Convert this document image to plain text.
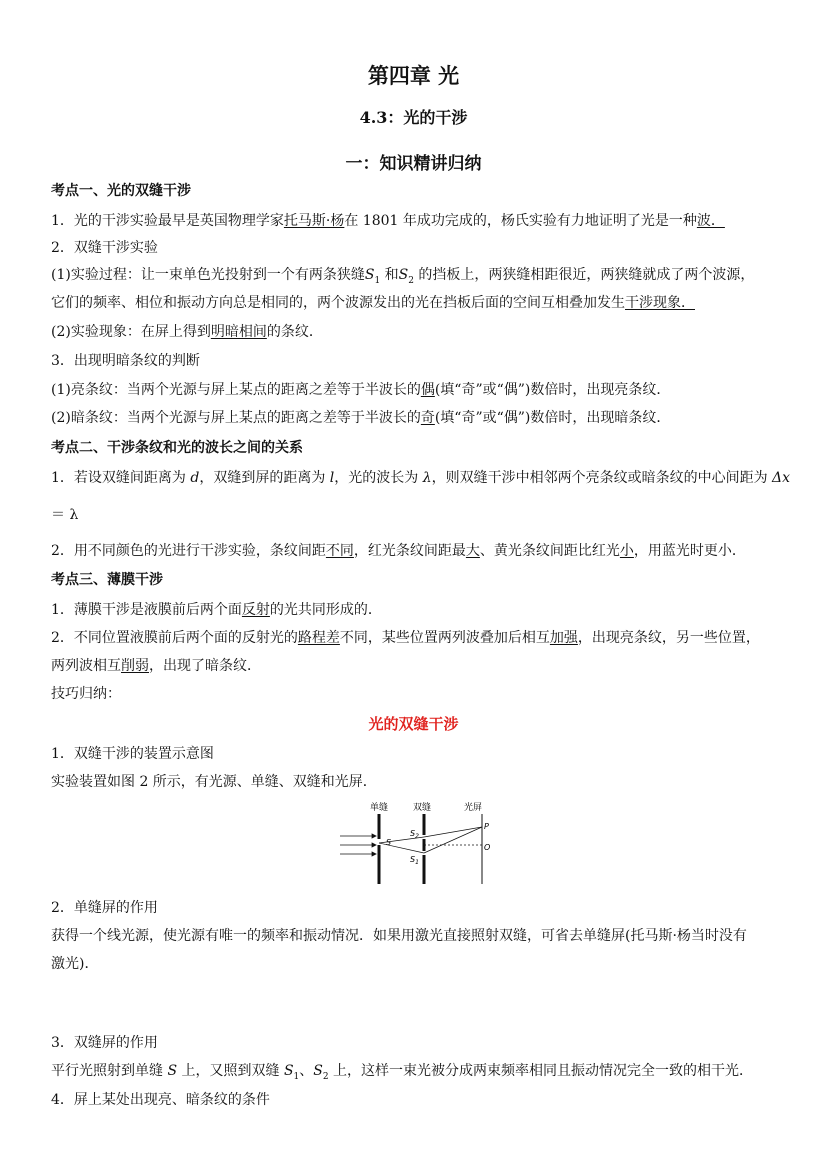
第四章 光
4.3：光的干涉
一：知识精讲归纳
考点一、光的双缝干涉
1．光的干涉实验最早是英国物理学家托马斯·杨在 1801 年成功完成的，杨氏实验有力地证明了光是一种波．
2．双缝干涉实验
(1)实验过程：让一束单色光投射到一个有两条狭缝$S_1$ 和$S_2$ 的挡板上，两狭缝相距很近，两狭缝就成了两个波源，
它们的频率、相位和振动方向总是相同的，两个波源发出的光在挡板后面的空间互相叠加发生干涉现象．
(2)实验现象：在屏上得到明暗相间的条纹．
3．出现明暗条纹的判断
(1)亮条纹：当两个光源与屏上某点的距离之差等于半波长的偶(填“奇”或“偶”)数倍时，出现亮条纹．
(2)暗条纹：当两个光源与屏上某点的距离之差等于半波长的奇(填“奇”或“偶”)数倍时，出现暗条纹．
考点二、干涉条纹和光的波长之间的关系
1．若设双缝间距离为 d，双缝到屏的距离为 l，光的波长为 λ，则双缝干涉中相邻两个亮条纹或暗条纹的中心间距为 Δx
＝ λ
2．用不同颜色的光进行干涉实验，条纹间距不同，红光条纹间距最大、黄光条纹间距比红光小，用蓝光时更小．
考点三、薄膜干涉
1．薄膜干涉是液膜前后两个面反射的光共同形成的．
2．不同位置液膜前后两个面的反射光的路程差不同，某些位置两列波叠加后相互加强，出现亮条纹，另一些位置，
两列波相互削弱，出现了暗条纹．
技巧归纳：
光的双缝干涉
1．双缝干涉的装置示意图
实验装置如图 2 所示，有光源、单缝、双缝和光屏．
单缝	双缝	光屏
S
$S_2$
$S_1$
P
O
2．单缝屏的作用
获得一个线光源，使光源有唯一的频率和振动情况．如果用激光直接照射双缝，可省去单缝屏(托马斯·杨当时没有
激光)．
3．双缝屏的作用
平行光照射到单缝 S 上，又照到双缝 $S_1$、$S_2$ 上，这样一束光被分成两束频率相同且振动情况完全一致的相干光．
4．屏上某处出现亮、暗条纹的条件
